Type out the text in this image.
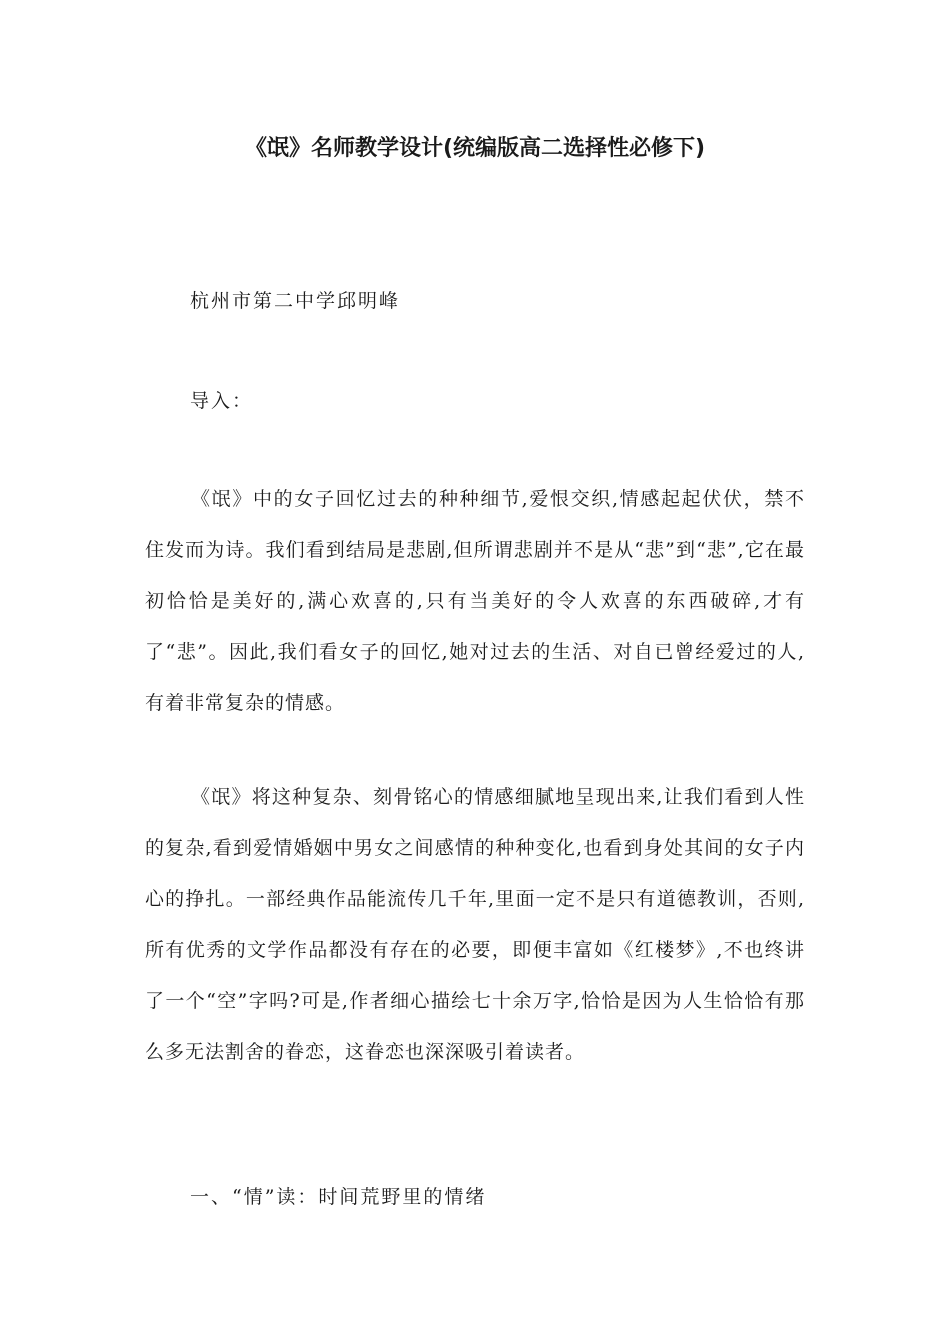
《氓》名师教学设计(统编版高二选择性必修下)
杭州市第二中学邱明峰
导入：
《氓》中的女子回忆过去的种种细节,爱恨交织,情感起起伏伏，禁不住发而为诗。我们看到结局是悲剧,但所谓悲剧并不是从“悲”到“悲”,它在最初恰恰是美好的,满心欢喜的,只有当美好的令人欢喜的东西破碎,才有了“悲”。因此,我们看女子的回忆,她对过去的生活、对自已曾经爱过的人,有着非常复杂的情感。
《氓》将这种复杂、刻骨铭心的情感细腻地呈现出来,让我们看到人性的复杂,看到爱情婚姻中男女之间感情的种种变化,也看到身处其间的女子内心的挣扎。一部经典作品能流传几千年,里面一定不是只有道德教训，否则,所有优秀的文学作品都没有存在的必要，即便丰富如《红楼梦》,不也终讲了一个“空”字吗?可是,作者细心描绘七十余万字,恰恰是因为人生恰恰有那么多无法割舍的眷恋，这眷恋也深深吸引着读者。
一、“情”读：时间荒野里的情绪
